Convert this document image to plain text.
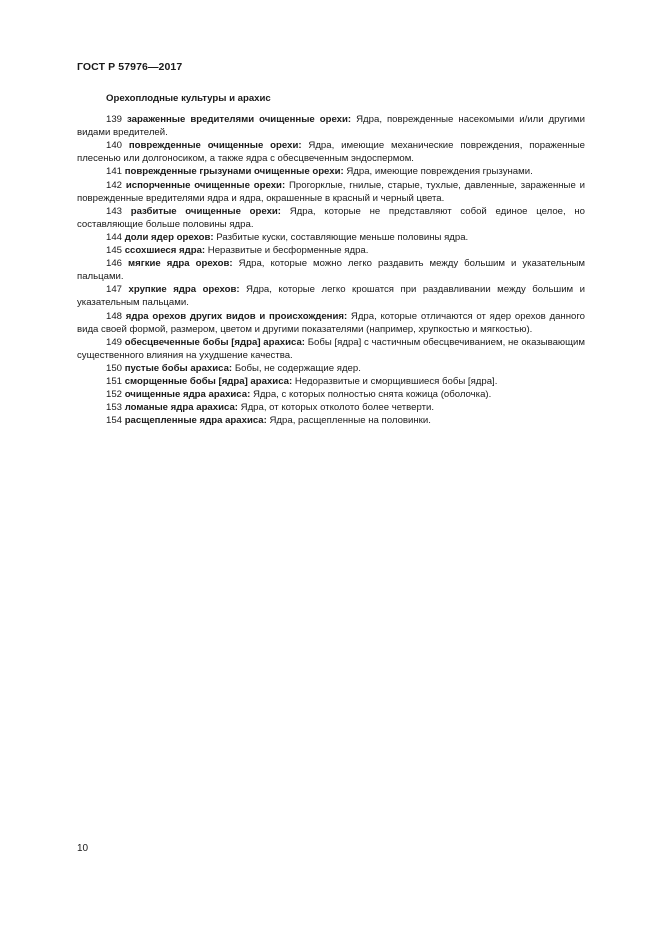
ГОСТ Р 57976—2017
Орехоплодные культуры и арахис

139 зараженные вредителями очищенные орехи: Ядра, поврежденные насекомыми и/или другими видами вредителей.

140 поврежденные очищенные орехи: Ядра, имеющие механические повреждения, пораженные плесенью или долгоносиком, а также ядра с обесцвеченным эндоспермом.

141 поврежденные грызунами очищенные орехи: Ядра, имеющие повреждения грызунами.

142 испорченные очищенные орехи: Прогорклые, гнилые, старые, тухлые, давленные, зараженные и поврежденные вредителями ядра и ядра, окрашенные в красный и черный цвета.

143 разбитые очищенные орехи: Ядра, которые не представляют собой единое целое, но составляющие больше половины ядра.

144 доли ядер орехов: Разбитые куски, составляющие меньше половины ядра.

145 ссохшиеся ядра: Неразвитые и бесформенные ядра.

146 мягкие ядра орехов: Ядра, которые можно легко раздавить между большим и указательным пальцами.

147 хрупкие ядра орехов: Ядра, которые легко крошатся при раздавливании между большим и указательным пальцами.

148 ядра орехов других видов и происхождения: Ядра, которые отличаются от ядер орехов данного вида своей формой, размером, цветом и другими показателями (например, хрупкостью и мягкостью).

149 обесцвеченные бобы [ядра] арахиса: Бобы [ядра] с частичным обесцвечиванием, не оказывающим существенного влияния на ухудшение качества.

150 пустые бобы арахиса: Бобы, не содержащие ядер.

151 сморщенные бобы [ядра] арахиса: Недоразвитые и сморщившиеся бобы [ядра].

152 очищенные ядра арахиса: Ядра, с которых полностью снята кожица (оболочка).

153 ломаные ядра арахиса: Ядра, от которых отколото более четверти.

154 расщепленные ядра арахиса: Ядра, расщепленные на половинки.

10
